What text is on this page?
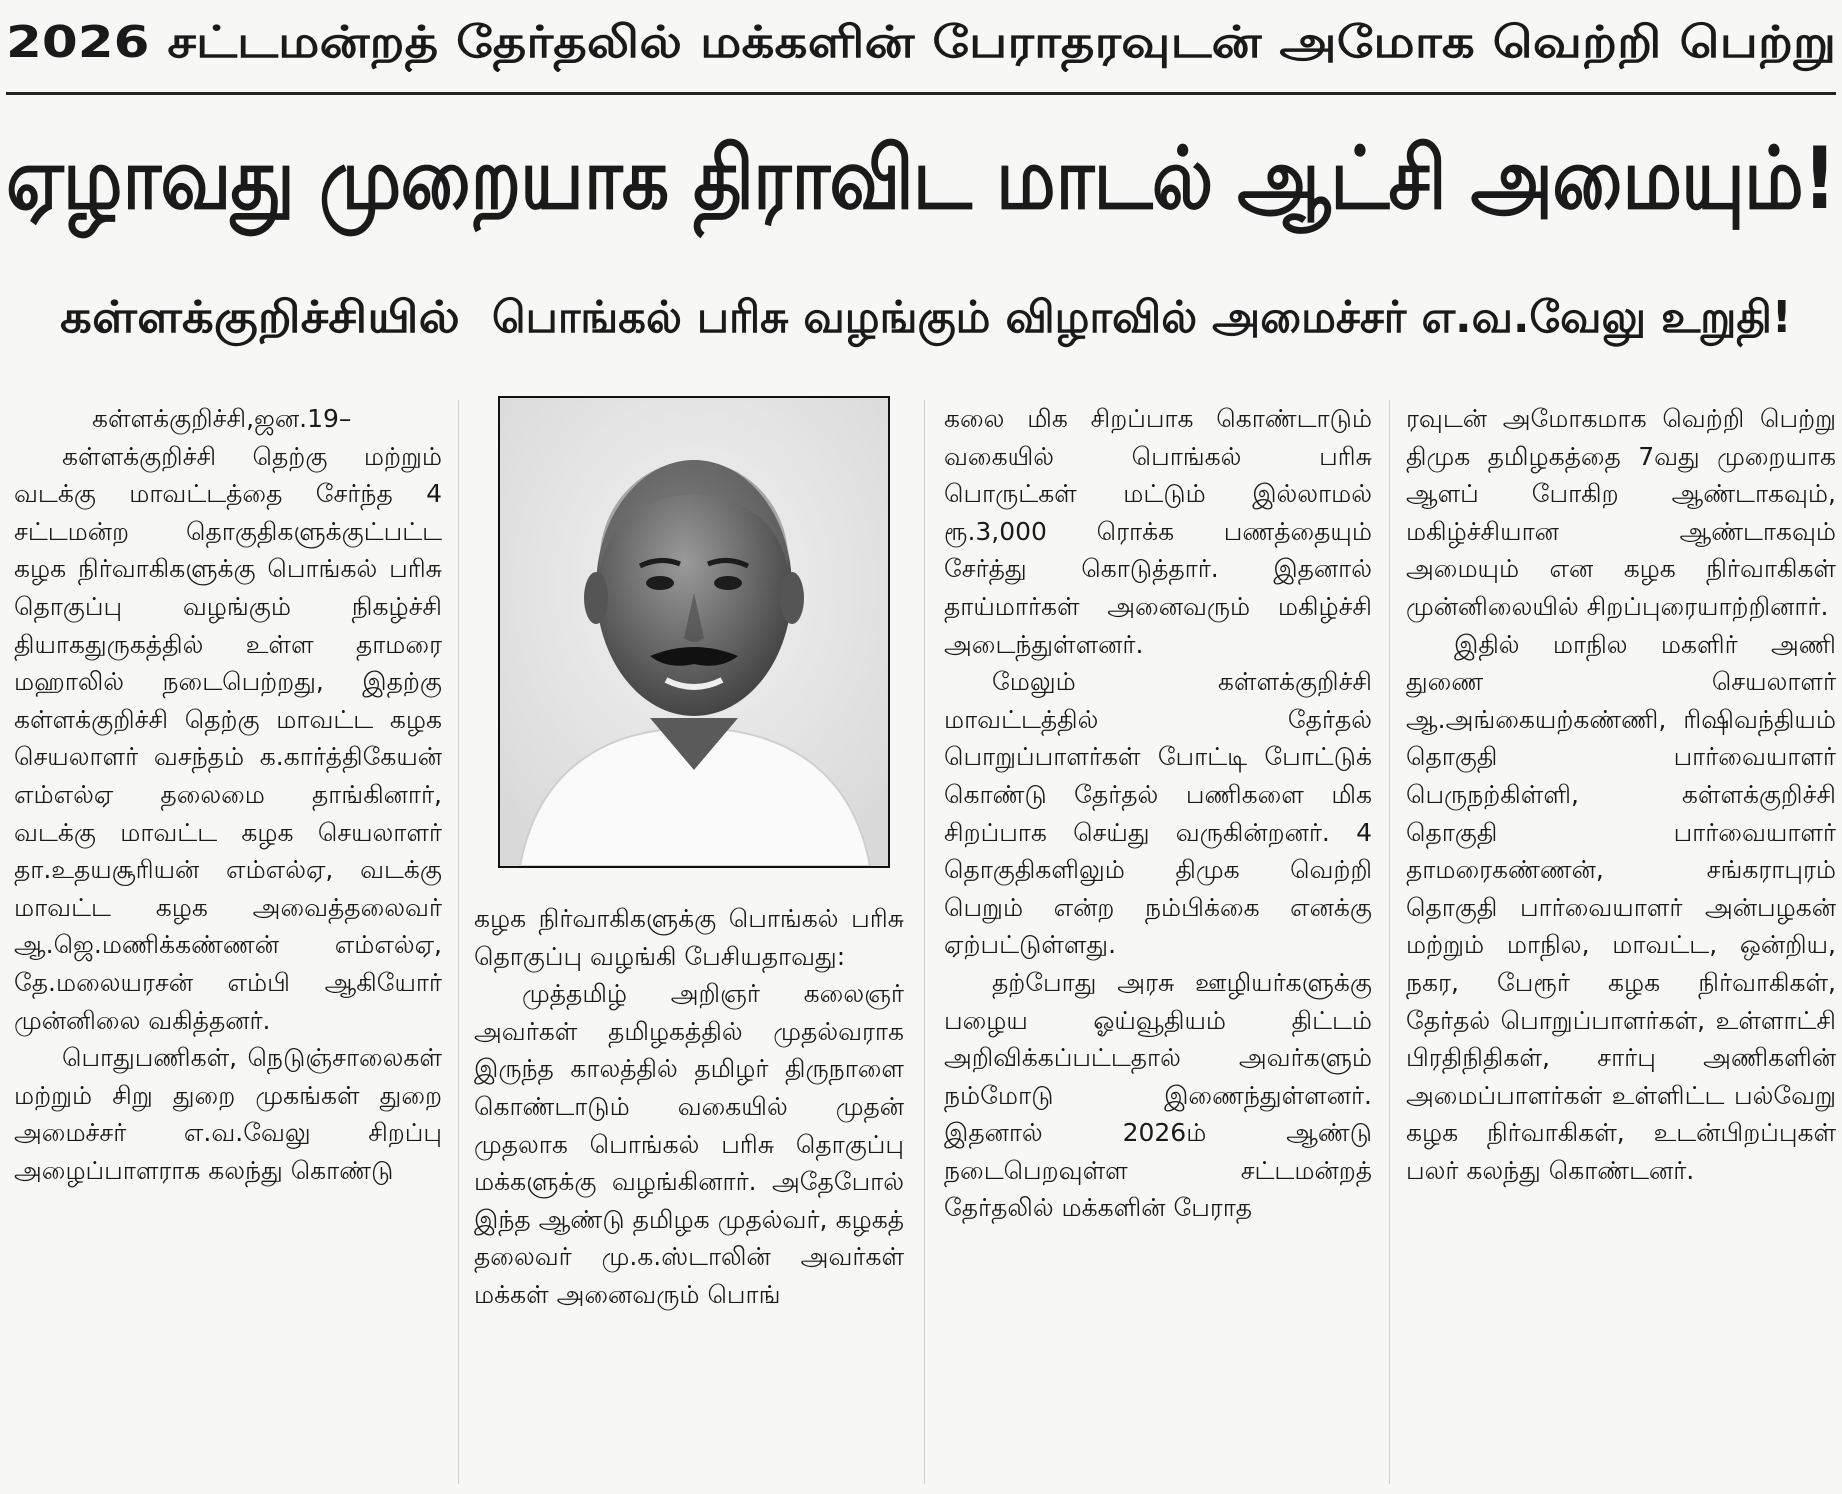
2026 சட்டமன்றத் தேர்தலில் மக்களின் பேராதரவுடன் அமோக வெற்றி பெற்று
ஏழாவது முறையாக திராவிட மாடல் ஆட்சி அமையும்!
கள்ளக்குறிச்சியில் பொங்கல் பரிசு வழங்கும் விழாவில் அமைச்சர் எ.வ.வேலு உறுதி!

கள்ளக்குறிச்சி,ஜன.19–

கள்ளக்குறிச்சி தெற்கு மற்றும் வடக்கு மாவட்டத்தை சேர்ந்த 4 சட்டமன்ற தொகுதிகளுக்குட்பட்ட கழக நிர்வாகிகளுக்கு பொங்கல் பரிசு தொகுப்பு வழங்கும் நிகழ்ச்சி தியாகதுருகத்தில் உள்ள தாமரை மஹாலில் நடைபெற்றது, இதற்கு கள்ளக்குறிச்சி தெற்கு மாவட்ட கழக செயலாளர் வசந்தம் க.கார்த்திகேயன் எம்எல்ஏ தலைமை தாங்கினார், வடக்கு மாவட்ட கழக செயலாளர் தா.உதயசூரியன் எம்எல்ஏ, வடக்கு மாவட்ட கழக அவைத்தலைவர் ஆ.ஜெ.மணிக்கண்ணன் எம்எல்ஏ, தே.மலையரசன் எம்பி ஆகியோர் முன்னிலை வகித்தனர்.

பொதுபணிகள், நெடுஞ்சாலைகள் மற்றும் சிறு துறை முகங்கள் துறை அமைச்சர் எ.வ.வேலு சிறப்பு அழைப்பாளராக கலந்து கொண்டு

கழக நிர்வாகிகளுக்கு பொங்கல் பரிசு தொகுப்பு வழங்கி பேசியதாவது:

முத்தமிழ் அறிஞர் கலைஞர் அவர்கள் தமிழகத்தில் முதல்வராக இருந்த காலத்தில் தமிழர் திருநாளை கொண்டாடும் வகையில் முதன் முதலாக பொங்கல் பரிசு தொகுப்பு மக்களுக்கு வழங்கினார். அதேபோல் இந்த ஆண்டு தமிழக முதல்வர், கழகத் தலைவர் மு.க.ஸ்டாலின் அவர்கள் மக்கள் அனைவரும் பொங்

கலை மிக சிறப்பாக கொண்டாடும் வகையில் பொங்கல் பரிசு பொருட்கள் மட்டும் இல்லாமல் ரூ.3,000 ரொக்க பணத்தையும் சேர்த்து கொடுத்தார். இதனால் தாய்மார்கள் அனைவரும் மகிழ்ச்சி அடைந்துள்ளனர்.

மேலும் கள்ளக்குறிச்சி மாவட்டத்தில் தேர்தல் பொறுப்பாளர்கள் போட்டி போட்டுக் கொண்டு தேர்தல் பணிகளை மிக சிறப்பாக செய்து வருகின்றனர். 4 தொகுதிகளிலும் திமுக வெற்றி பெறும் என்ற நம்பிக்கை எனக்கு ஏற்பட்டுள்ளது.

தற்போது அரசு ஊழியர்களுக்கு பழைய ஓய்வூதியம் திட்டம் அறிவிக்கப்பட்டதால் அவர்களும் நம்மோடு இணைந்துள்ளனர். இதனால் 2026ம் ஆண்டு நடைபெறவுள்ள சட்டமன்றத் தேர்தலில் மக்களின் பேராத

ரவுடன் அமோகமாக வெற்றி பெற்று திமுக தமிழகத்தை 7வது முறையாக ஆளப் போகிற ஆண்டாகவும், மகிழ்ச்சியான ஆண்டாகவும் அமையும் என கழக நிர்வாகிகள் முன்னிலையில் சிறப்புரையாற்றினார்.

இதில் மாநில மகளிர் அணி துணை செயலாளர் ஆ.அங்கையற்கண்ணி, ரிஷிவந்தியம் தொகுதி பார்வையாளர் பெருநற்கிள்ளி, கள்ளக்குறிச்சி தொகுதி பார்வையாளர் தாமரைகண்ணன், சங்கராபுரம் தொகுதி பார்வையாளர் அன்பழகன் மற்றும் மாநில, மாவட்ட, ஒன்றிய, நகர, பேரூர் கழக நிர்வாகிகள், தேர்தல் பொறுப்பாளர்கள், உள்ளாட்சி பிரதிநிதிகள், சார்பு அணிகளின் அமைப்பாளர்கள் உள்ளிட்ட பல்வேறு கழக நிர்வாகிகள், உடன்பிறப்புகள் பலர் கலந்து கொண்டனர்.
